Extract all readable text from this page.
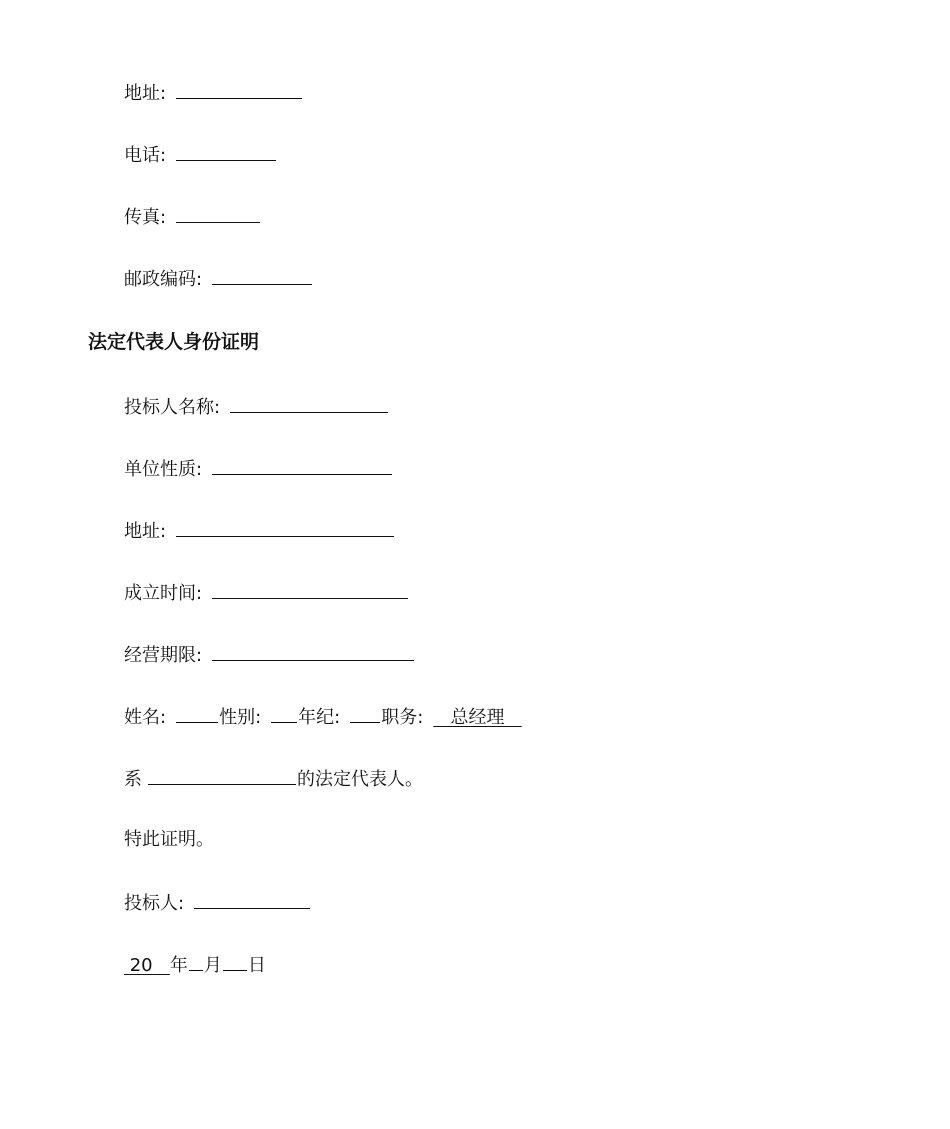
地址:
电话:
传真:
邮政编码:
法定代表人身份证明
投标人名称:
单位性质:
地址:
成立时间:
经营期限:
姓名:	性别: 年纪: 职务: 总经理
系	的法定代表人。
特此证明。
投标人:
20 年 月 日
